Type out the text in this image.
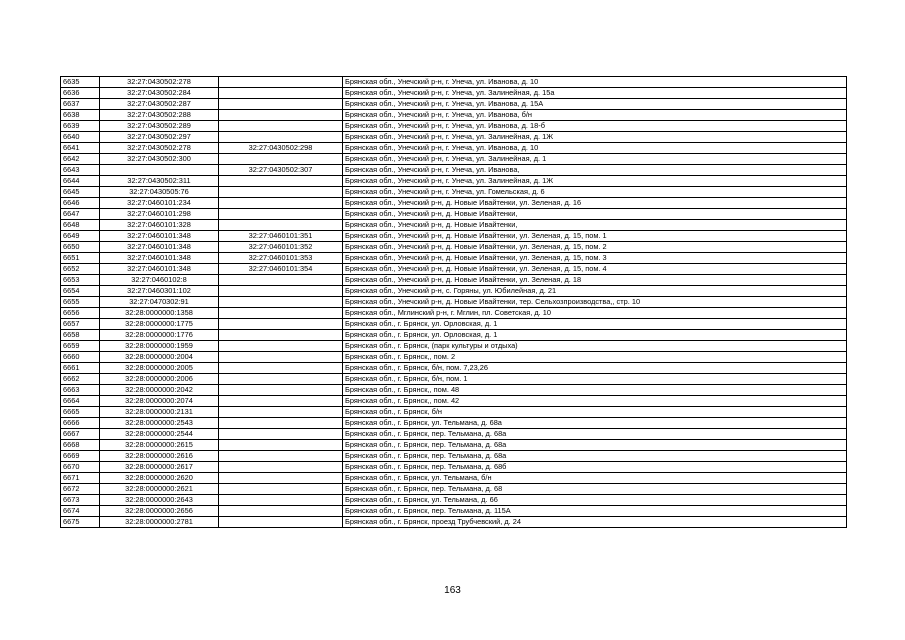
6635	32:27:0430502:278		Брянская обл., Унечский р-н, г. Унеча, ул. Иванова, д. 10
6636	32:27:0430502:284		Брянская обл., Унечский р-н, г. Унеча, ул. Залинейная, д. 15а
6637	32:27:0430502:287		Брянская обл., Унечский р-н, г. Унеча, ул. Иванова, д. 15А
6638	32:27:0430502:288		Брянская обл., Унечский р-н, г. Унеча, ул. Иванова, б/н
6639	32:27:0430502:289		Брянская обл., Унечский р-н, г. Унеча, ул. Иванова, д. 18-б
6640	32:27:0430502:297		Брянская обл., Унечский р-н, г. Унеча, ул. Залинейная, д. 1Ж
6641	32:27:0430502:278	32:27:0430502:298	Брянская обл., Унечский р-н, г. Унеча, ул. Иванова, д. 10
6642	32:27:0430502:300		Брянская обл., Унечский р-н, г. Унеча, ул. Залинейная, д. 1
6643		32:27:0430502:307	Брянская обл., Унечский р-н, г. Унеча, ул. Иванова,
6644	32:27:0430502:311		Брянская обл., Унечский р-н, г. Унеча, ул. Залинейная, д. 1Ж
6645	32:27:0430505:76		Брянская обл., Унечский р-н, г. Унеча, ул. Гомельская, д. 6
6646	32:27:0460101:234		Брянская обл., Унечский р-н, д. Новые Ивайтенки, ул. Зеленая, д. 16
6647	32:27:0460101:298		Брянская обл., Унечский р-н, д. Новые Ивайтенки,
6648	32:27:0460101:328		Брянская обл., Унечский р-н, д. Новые Ивайтенки,
6649	32:27:0460101:348	32:27:0460101:351	Брянская обл., Унечский р-н, д. Новые Ивайтенки, ул. Зеленая, д. 15, пом. 1
6650	32:27:0460101:348	32:27:0460101:352	Брянская обл., Унечский р-н, д. Новые Ивайтенки, ул. Зеленая, д. 15, пом. 2
6651	32:27:0460101:348	32:27:0460101:353	Брянская обл., Унечский р-н, д. Новые Ивайтенки, ул. Зеленая, д. 15, пом. 3
6652	32:27:0460101:348	32:27:0460101:354	Брянская обл., Унечский р-н, д. Новые Ивайтенки, ул. Зеленая, д. 15, пом. 4
6653	32:27:0460102:8		Брянская обл., Унечский р-н, д. Новые Ивайтенки, ул. Зеленая, д. 18
6654	32:27:0460301:102		Брянская обл., Унечский р-н, с. Горяны, ул. Юбилейная, д. 21
6655	32:27:0470302:91		Брянская обл., Унечский р-н, д. Новые Ивайтенки, тер. Сельхозпроизводства,, стр. 10
6656	32:28:0000000:1358		Брянская обл., Мглинский р-н, г. Мглин, пл. Советская, д. 10
6657	32:28:0000000:1775		Брянская обл., г. Брянск, ул. Орловская, д. 1
6658	32:28:0000000:1776		Брянская обл., г. Брянск, ул. Орловская, д. 1
6659	32:28:0000000:1959		Брянская обл., г. Брянск, (парк культуры и отдыха)
6660	32:28:0000000:2004		Брянская обл., г. Брянск,, пом. 2
6661	32:28:0000000:2005		Брянская обл., г. Брянск, б/н, пом. 7,23,26
6662	32:28:0000000:2006		Брянская обл., г. Брянск, б/н, пом. 1
6663	32:28:0000000:2042		Брянская обл., г. Брянск,, пом. 48
6664	32:28:0000000:2074		Брянская обл., г. Брянск,, пом. 42
6665	32:28:0000000:2131		Брянская обл., г. Брянск, б/н
6666	32:28:0000000:2543		Брянская обл., г. Брянск, ул. Тельмана, д. 68а
6667	32:28:0000000:2544		Брянская обл., г. Брянск, пер. Тельмана, д. 68а
6668	32:28:0000000:2615		Брянская обл., г. Брянск, пер. Тельмана, д. 68а
6669	32:28:0000000:2616		Брянская обл., г. Брянск, пер. Тельмана, д. 68а
6670	32:28:0000000:2617		Брянская обл., г. Брянск, пер. Тельмана, д. 68б
6671	32:28:0000000:2620		Брянская обл., г. Брянск, ул. Тельмана, б/н
6672	32:28:0000000:2621		Брянская обл., г. Брянск, пер. Тельмана, д. 68
6673	32:28:0000000:2643		Брянская обл., г. Брянск, ул. Тельмана, д. 66
6674	32:28:0000000:2656		Брянская обл., г. Брянск, пер. Тельмана, д. 115А
6675	32:28:0000000:2781		Брянская обл., г. Брянск, проезд Трубчевский, д. 24
163
